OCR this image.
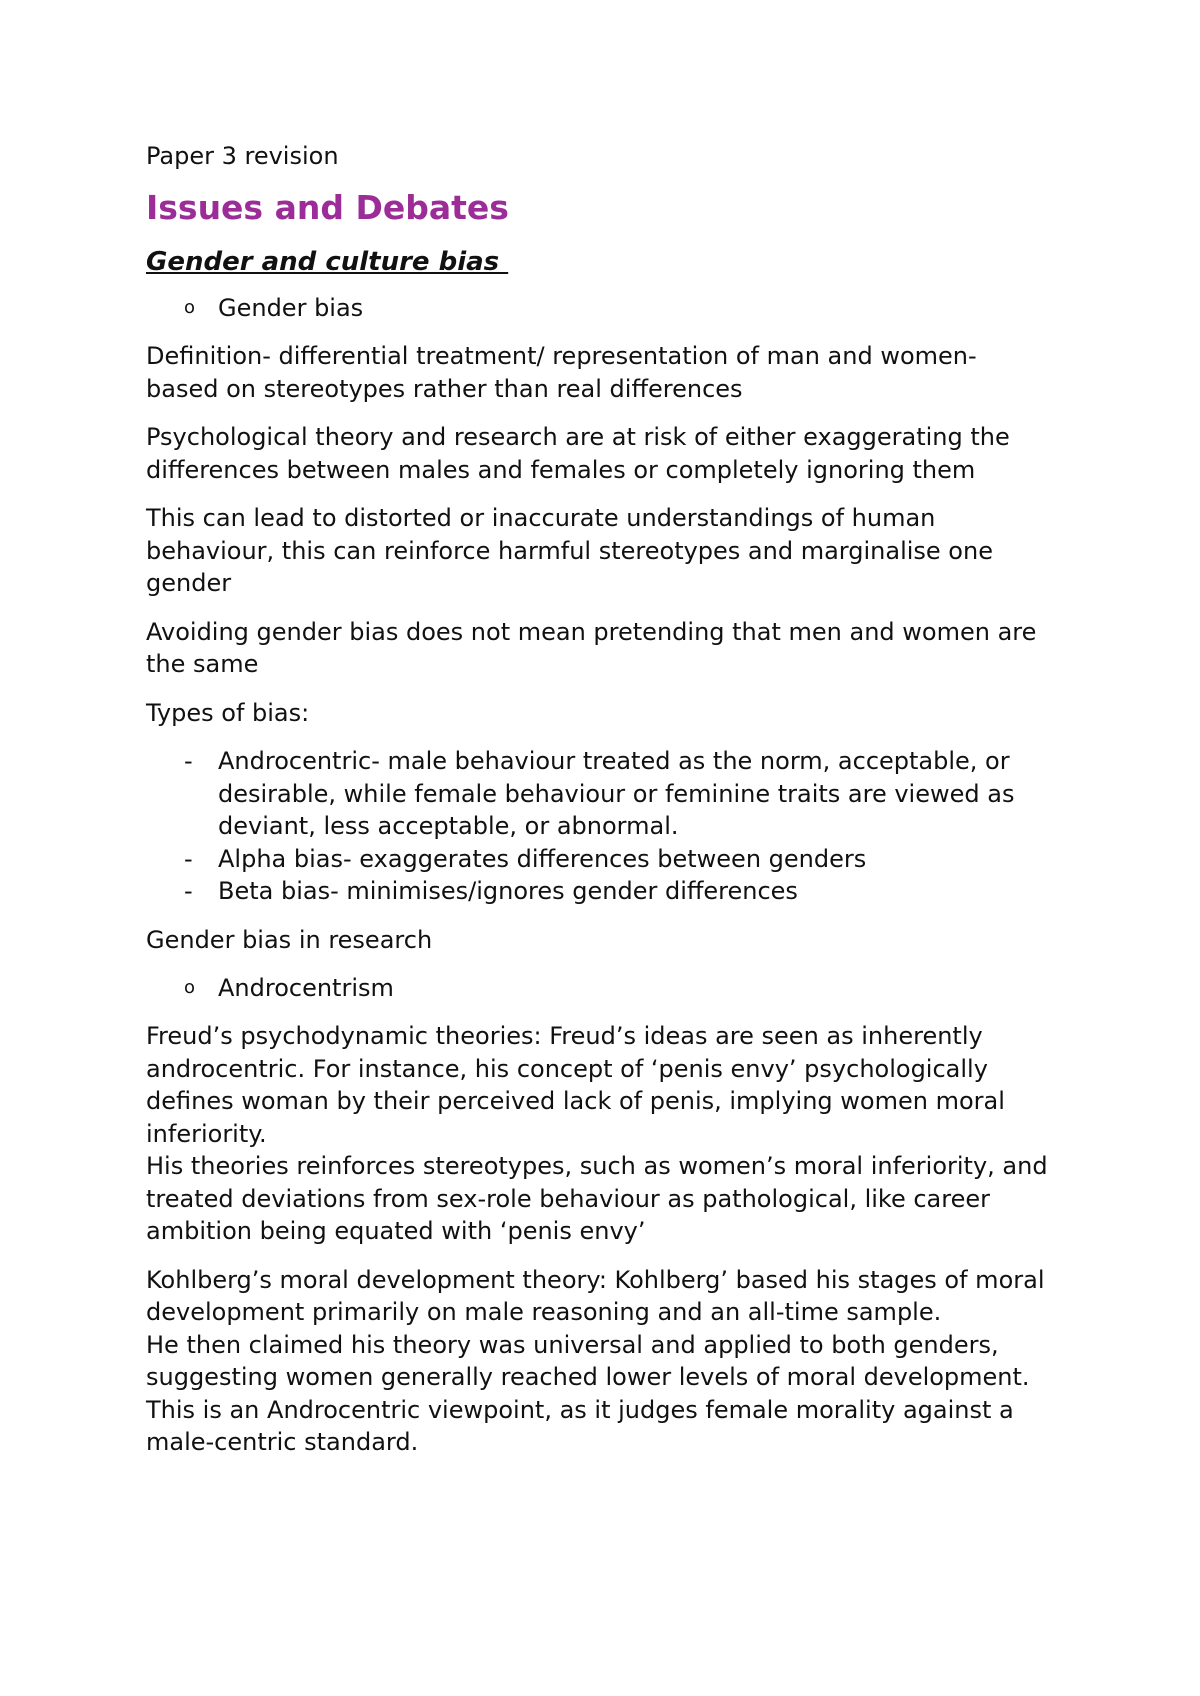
Paper 3 revision
Issues and Debates
Gender and culture bias
o Gender bias
Definition- differential treatment/ representation of man and women-
based on stereotypes rather than real differences
Psychological theory and research are at risk of either exaggerating the
differences between males and females or completely ignoring them
This can lead to distorted or inaccurate understandings of human
behaviour, this can reinforce harmful stereotypes and marginalise one
gender
Avoiding gender bias does not mean pretending that men and women are
the same
Types of bias:
- Androcentric- male behaviour treated as the norm, acceptable, or
desirable, while female behaviour or feminine traits are viewed as
deviant, less acceptable, or abnormal.
- Alpha bias- exaggerates differences between genders
- Beta bias- minimises/ignores gender differences
Gender bias in research
o Androcentrism
Freud’s psychodynamic theories: Freud’s ideas are seen as inherently
androcentric. For instance, his concept of ‘penis envy’ psychologically
defines woman by their perceived lack of penis, implying women moral
inferiority.
His theories reinforces stereotypes, such as women’s moral inferiority, and
treated deviations from sex-role behaviour as pathological, like career
ambition being equated with ‘penis envy’
Kohlberg’s moral development theory: Kohlberg’ based his stages of moral
development primarily on male reasoning and an all-time sample.
He then claimed his theory was universal and applied to both genders,
suggesting women generally reached lower levels of moral development.
This is an Androcentric viewpoint, as it judges female morality against a
male-centric standard.
